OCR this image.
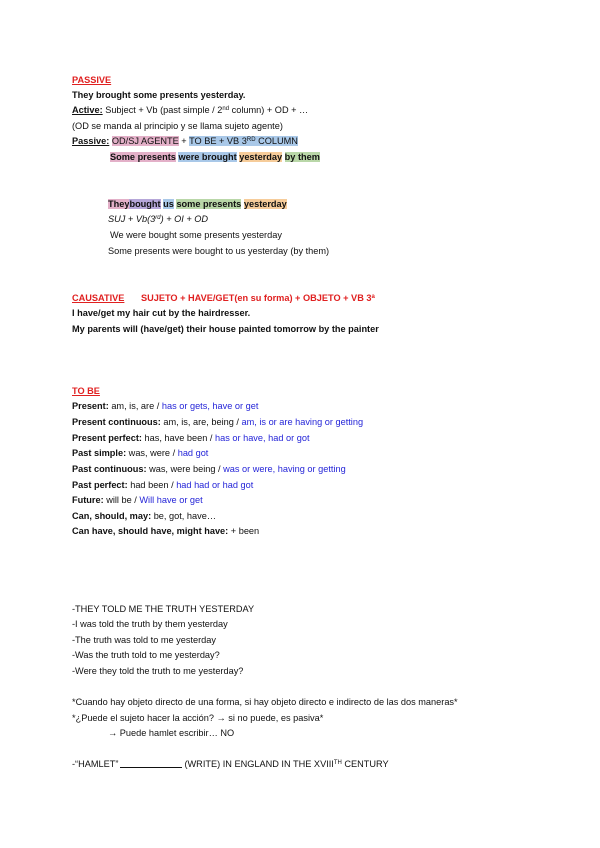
PASSIVE
They brought some presents yesterday.
Active: Subject + Vb (past simple / 2nd column) + OD + …
(OD se manda al principio y se llama sujeto agente)
Passive: OD/SJ AGENTE + TO BE + VB 3RD COLUMN
Some presents were brought yesterday by them
Theybought us some presents yesterday
SUJ + Vb(3rd) + OI + OD
We were bought some presents yesterday
Some presents were bought to us yesterday (by them)
CAUSATIVE SUJETO + HAVE/GET(en su forma) + OBJETO + VB 3$^a$
I have/get my hair cut by the hairdresser.
My parents will (have/get) their house painted tomorrow by the painter
TO BE
Present: am, is, are / has or gets, have or get
Present continuous: am, is, are, being / am, is or are having or getting
Present perfect: has, have been / has or have, had or got
Past simple: was, were / had got
Past continuous: was, were being / was or were, having or getting
Past perfect: had been / had had or had got
Future: will be / Will have or get
Can, should, may: be, got, have…
Can have, should have, might have: + been
-THEY TOLD ME THE TRUTH YESTERDAY
-I was told the truth by them yesterday
-The truth was told to me yesterday
-Was the truth told to me yesterday?
-Were they told the truth to me yesterday?
*Cuando hay objeto directo de una forma, si hay objeto directo e indirecto de las dos maneras*
*¿Puede el sujeto hacer la acción? → si no puede, es pasiva*
→ Puede hamlet escribir… NO
-“HAMLET”	(WRITE) IN ENGLAND IN THE XVIIITH CENTURY
